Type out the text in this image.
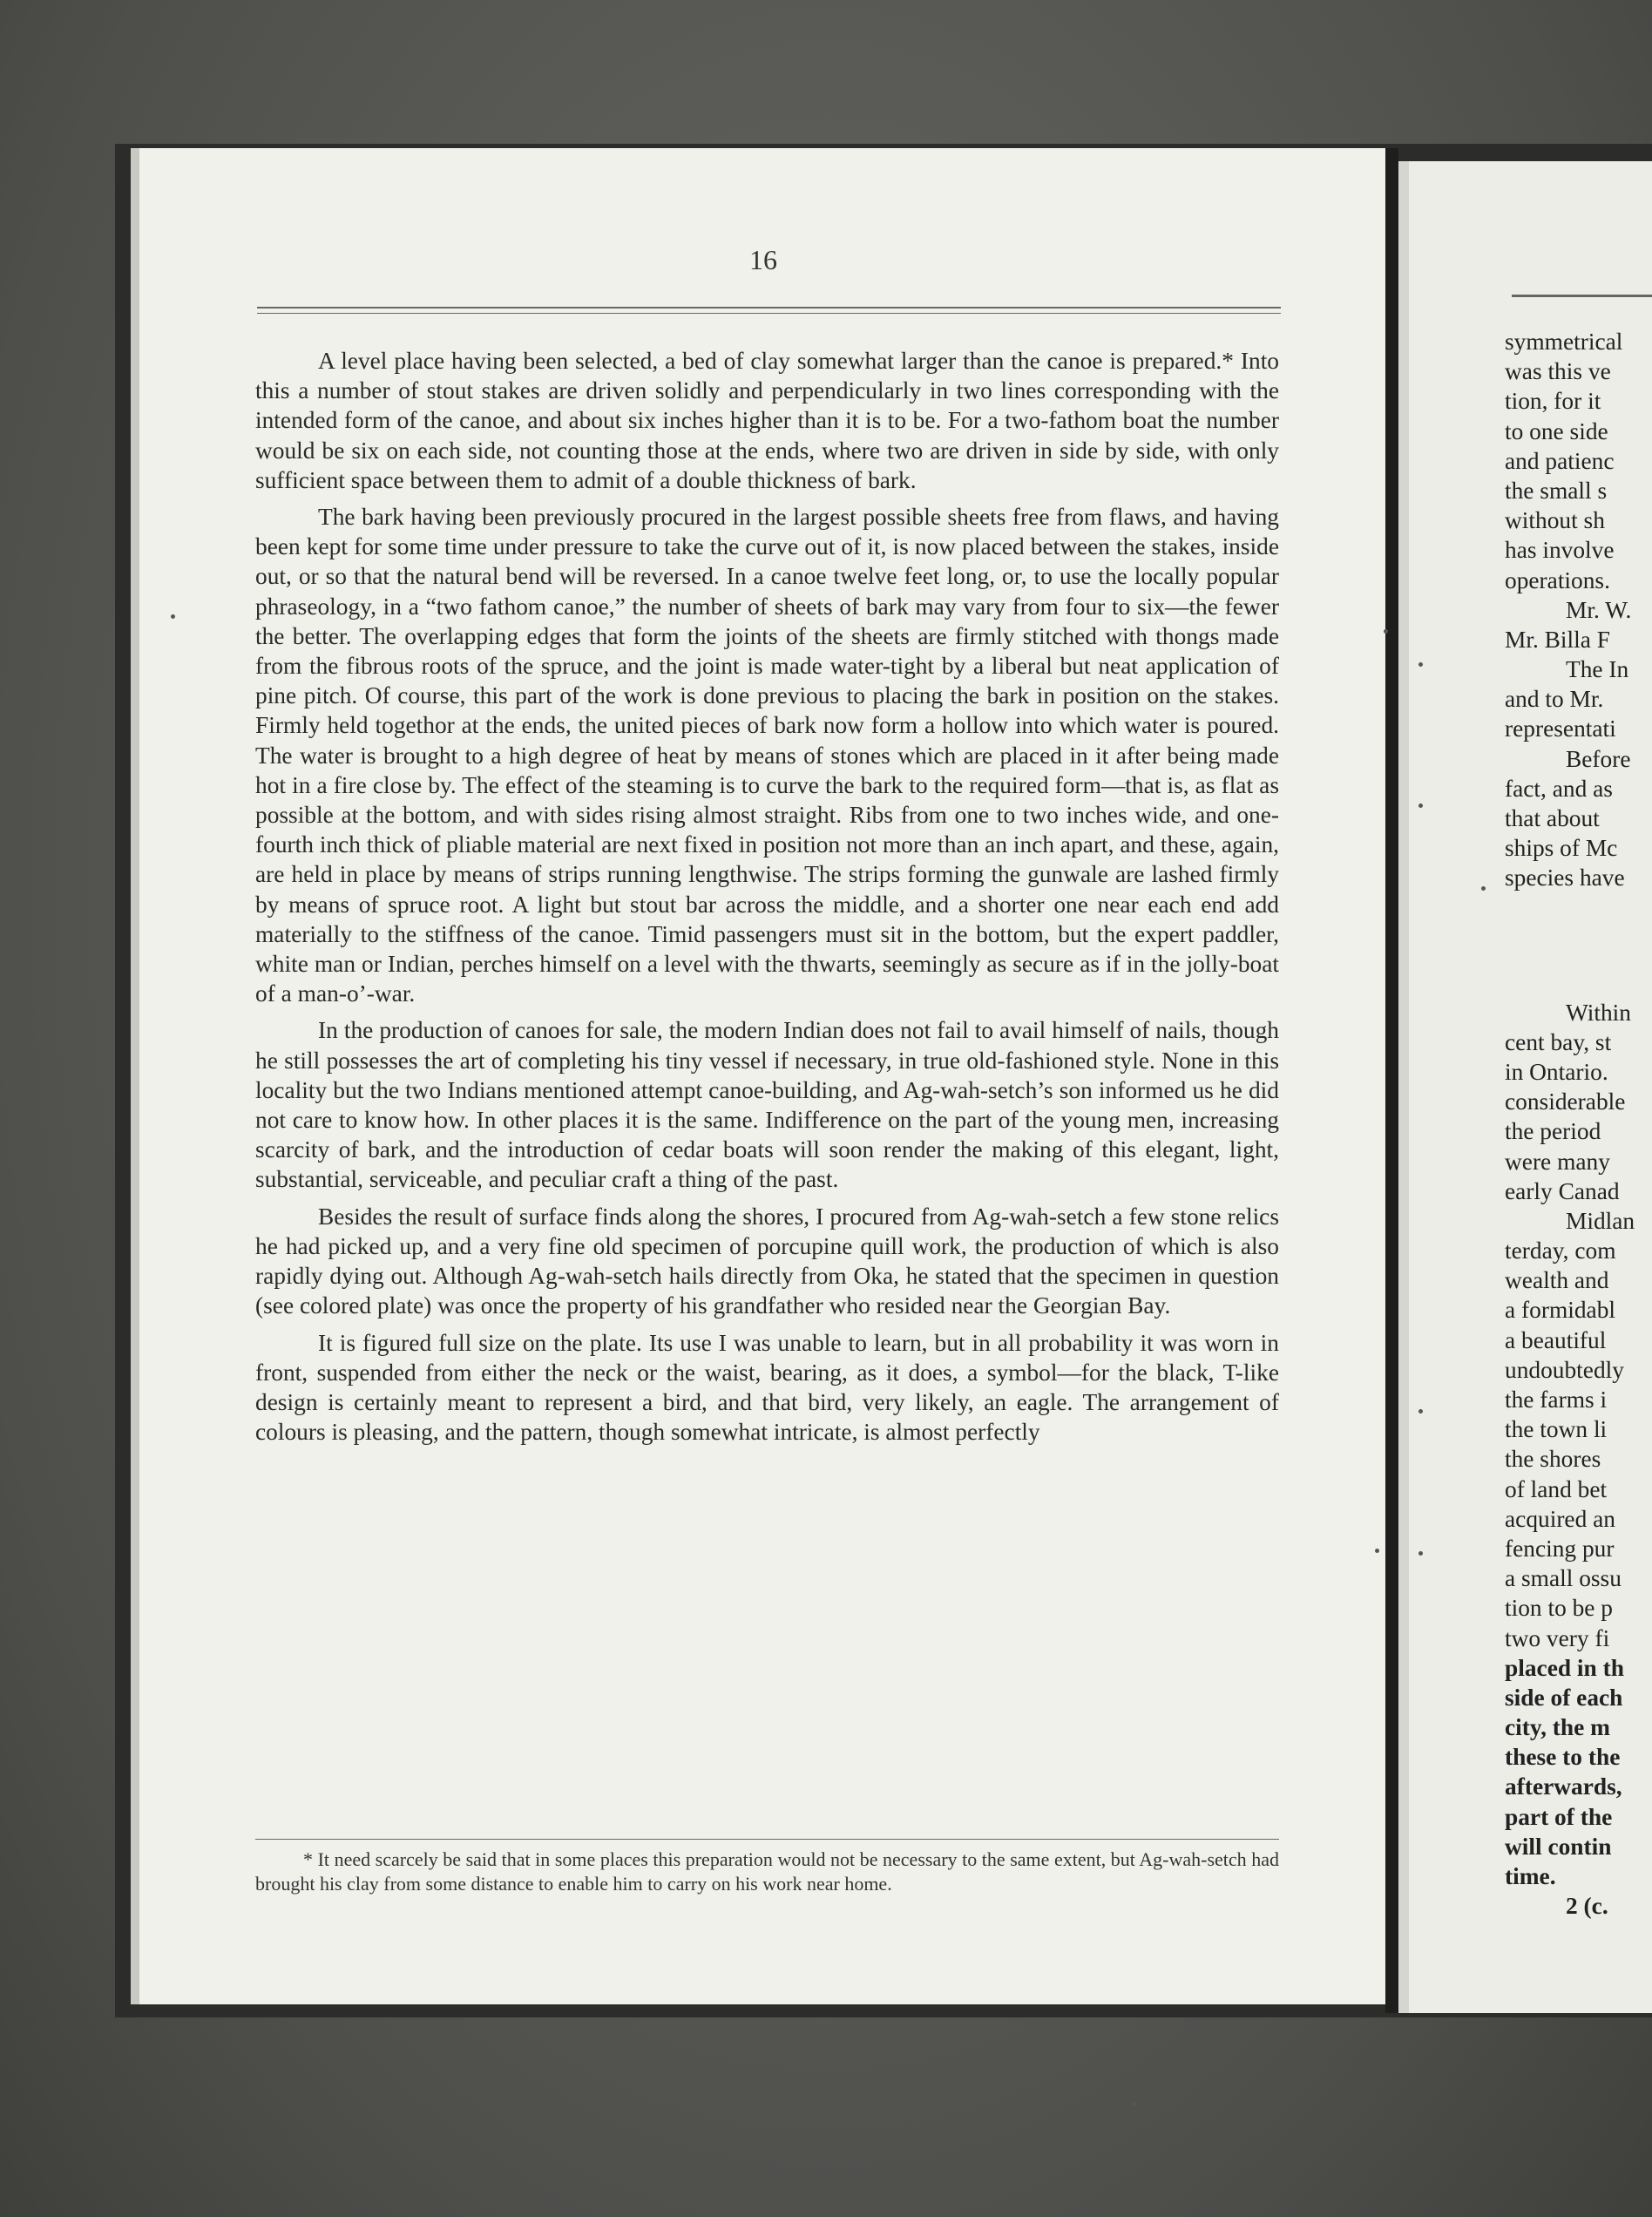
16

A level place having been selected, a bed of clay somewhat larger than the canoe is prepared.* Into this a number of stout stakes are driven solidly and perpendicularly in two lines corresponding with the intended form of the canoe, and about six inches higher than it is to be. For a two-fathom boat the number would be six on each side, not counting those at the ends, where two are driven in side by side, with only sufficient space between them to admit of a double thickness of bark.

The bark having been previously procured in the largest possible sheets free from flaws, and having been kept for some time under pressure to take the curve out of it, is now placed between the stakes, inside out, or so that the natural bend will be reversed. In a canoe twelve feet long, or, to use the locally popular phraseology, in a “two fathom canoe,” the number of sheets of bark may vary from four to six—the fewer the better. The overlapping edges that form the joints of the sheets are firmly stitched with thongs made from the fibrous roots of the spruce, and the joint is made water-tight by a liberal but neat application of pine pitch. Of course, this part of the work is done previous to placing the bark in position on the stakes. Firmly held togethor at the ends, the united pieces of bark now form a hollow into which water is poured. The water is brought to a high degree of heat by means of stones which are placed in it after being made hot in a fire close by. The effect of the steaming is to curve the bark to the required form—that is, as flat as possible at the bottom, and with sides rising almost straight. Ribs from one to two inches wide, and one-fourth inch thick of pliable material are next fixed in position not more than an inch apart, and these, again, are held in place by means of strips running lengthwise. The strips forming the gunwale are lashed firmly by means of spruce root. A light but stout bar across the middle, and a shorter one near each end add materially to the stiffness of the canoe. Timid passengers must sit in the bottom, but the expert paddler, white man or Indian, perches himself on a level with the thwarts, seemingly as secure as if in the jolly-boat of a man-o’-war.

In the production of canoes for sale, the modern Indian does not fail to avail himself of nails, though he still possesses the art of completing his tiny vessel if necessary, in true old-fashioned style. None in this locality but the two Indians mentioned attempt canoe-building, and Ag-wah-setch’s son informed us he did not care to know how. In other places it is the same. Indifference on the part of the young men, increasing scarcity of bark, and the introduction of cedar boats will soon render the making of this elegant, light, substantial, serviceable, and peculiar craft a thing of the past.

Besides the result of surface finds along the shores, I procured from Ag-wah-setch a few stone relics he had picked up, and a very fine old specimen of porcupine quill work, the production of which is also rapidly dying out. Although Ag-wah-setch hails directly from Oka, he stated that the specimen in question (see colored plate) was once the property of his grandfather who resided near the Georgian Bay.

It is figured full size on the plate. Its use I was unable to learn, but in all probability it was worn in front, suspended from either the neck or the waist, bearing, as it does, a symbol—for the black, T-like design is certainly meant to represent a bird, and that bird, very likely, an eagle. The arrangement of colours is pleasing, and the pattern, though somewhat intricate, is almost perfectly

* It need scarcely be said that in some places this preparation would not be necessary to the same extent, but Ag-wah-setch had brought his clay from some distance to enable him to carry on his work near home.
symmetrical
was this ve
tion, for it
to one side
and patienc
the small s
without sh
has involve
operations.
Mr. W.
Mr. Billa F
The In
and to Mr.
representati
Before
fact, and as
that about
ships of Mc
species have
Within
cent bay, st
in Ontario.
considerable
the period
were many
early Canad
Midlan
terday, com
wealth and
a formidabl
a beautiful
undoubtedly
the farms i
the town li
the shores
of land bet
acquired an
fencing pur
a small ossu
tion to be p
two very fi
placed in th
side of each
city, the m
these to the
afterwards,
part of the
will contin
time.
2 (c.
